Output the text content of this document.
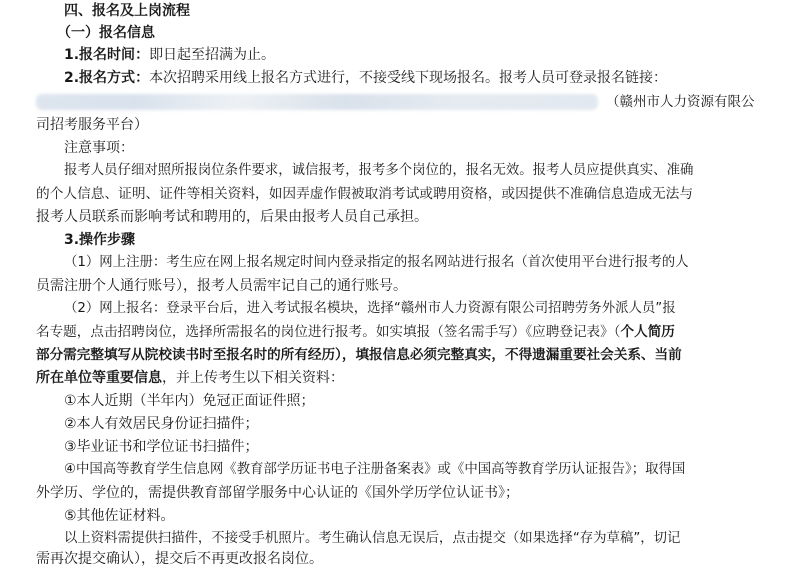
四、报名及上岗流程
（一）报名信息
1.报名时间：即日起至招满为止。
2.报名方式：本次招聘采用线上报名方式进行，不接受线下现场报名。报考人员可登录报名链接：
（赣州市人力资源有限公
司招考服务平台）
注意事项：
报考人员仔细对照所报岗位条件要求，诚信报考，报考多个岗位的，报名无效。报考人员应提供真实、准确
的个人信息、证明、证件等相关资料，如因弄虚作假被取消考试或聘用资格，或因提供不准确信息造成无法与
报考人员联系而影响考试和聘用的，后果由报考人员自己承担。
3.操作步骤
（1）网上注册：考生应在网上报名规定时间内登录指定的报名网站进行报名（首次使用平台进行报考的人
员需注册个人通行账号），报考人员需牢记自己的通行账号。
（2）网上报名：登录平台后，进入考试报名模块，选择“赣州市人力资源有限公司招聘劳务外派人员”报
名专题，点击招聘岗位，选择所需报名的岗位进行报考。如实填报（签名需手写）《应聘登记表》（个人简历
部分需完整填写从院校读书时至报名时的所有经历），填报信息必须完整真实，不得遗漏重要社会关系、当前
所在单位等重要信息，并上传考生以下相关资料：
①本人近期（半年内）免冠正面证件照；
②本人有效居民身份证扫描件；
③毕业证书和学位证书扫描件；
④中国高等教育学生信息网《教育部学历证书电子注册备案表》或《中国高等教育学历认证报告》；取得国
外学历、学位的，需提供教育部留学服务中心认证的《国外学历学位认证书》；
⑤其他佐证材料。
以上资料需提供扫描件，不接受手机照片。考生确认信息无误后，点击提交（如果选择“存为草稿”，切记
需再次提交确认），提交后不再更改报名岗位。
